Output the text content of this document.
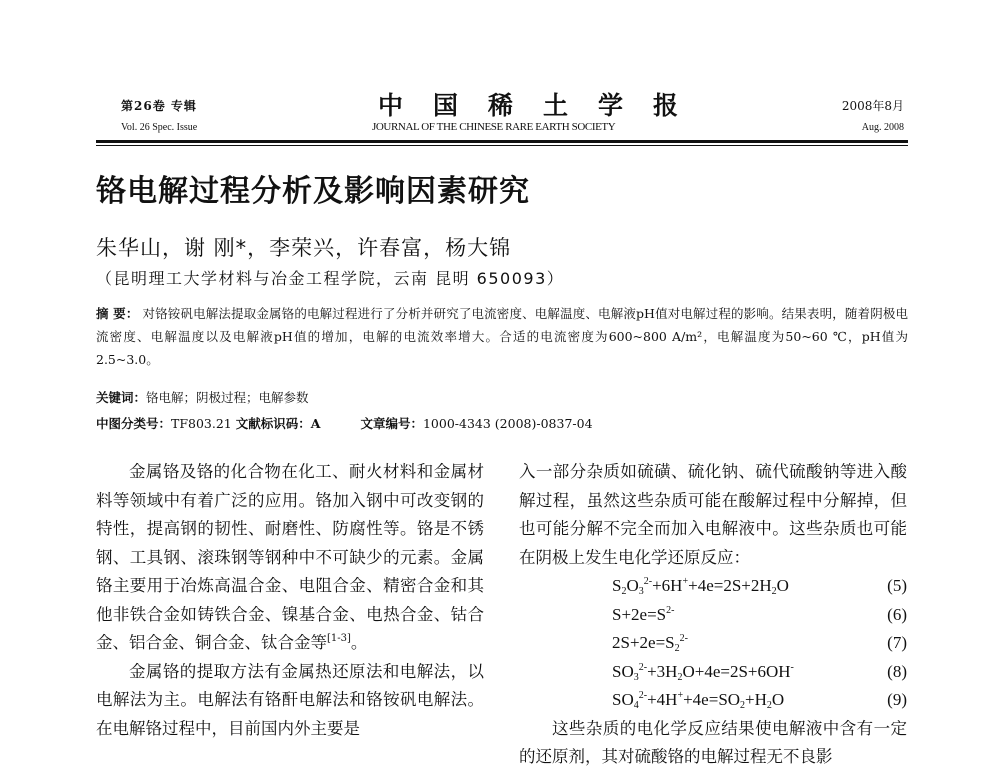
第26卷 专辑
Vol. 26 Spec. Issue
中国稀土学报
JOURNAL OF THE CHINESE RARE EARTH SOCIETY
2008年8月
Aug. 2008
铬电解过程分析及影响因素研究
朱华山，谢 刚*，李荣兴，许春富，杨大锦
（昆明理工大学材料与冶金工程学院，云南 昆明 650093）
摘 要： 对铬铵矾电解法提取金属铬的电解过程进行了分析并研究了电流密度、电解温度、电解液pH值对电解过程的影响。结果表明，随着阴极电流密度、电解温度以及电解液pH值的增加，电解的电流效率增大。合适的电流密度为600~800 A/m²，电解温度为50~60 ℃，pH值为2.5~3.0。
关键词：铬电解；阴极过程；电解参数
中图分类号：TF803.21 文献标识码：A	文章编号：1000-4343 (2008)-0837-04

金属铬及铬的化合物在化工、耐火材料和金属材料等领域中有着广泛的应用。铬加入钢中可改变钢的特性，提高钢的韧性、耐磨性、防腐性等。铬是不锈钢、工具钢、滚珠钢等钢种中不可缺少的元素。金属铬主要用于冶炼高温合金、电阻合金、精密合金和其他非铁合金如铸铁合金、镍基合金、电热合金、钴合金、铝合金、铜合金、钛合金等[1-3]。

金属铬的提取方法有金属热还原法和电解法，以电解法为主。电解法有铬酐电解法和铬铵矾电解法。在电解铬过程中，目前国内外主要是

入一部分杂质如硫磺、硫化钠、硫代硫酸钠等进入酸解过程，虽然这些杂质可能在酸解过程中分解掉，但也可能分解不完全而加入电解液中。这些杂质也可能在阴极上发生电化学还原反应：

$S_2O_3^{2-}+6H^++4e=2S+2H_2O$	(5)
$S+2e=S^{2-}$	(6)
$2S+2e=S_2^{2-}$	(7)
$SO_3^{2-}+3H_2O+4e=2S+6OH^-$	(8)
$SO_4^{2-}+4H^++4e=SO_2+H_2O$	(9)

这些杂质的电化学反应结果使电解液中含有一定的还原剂，其对硫酸铬的电解过程无不良影
